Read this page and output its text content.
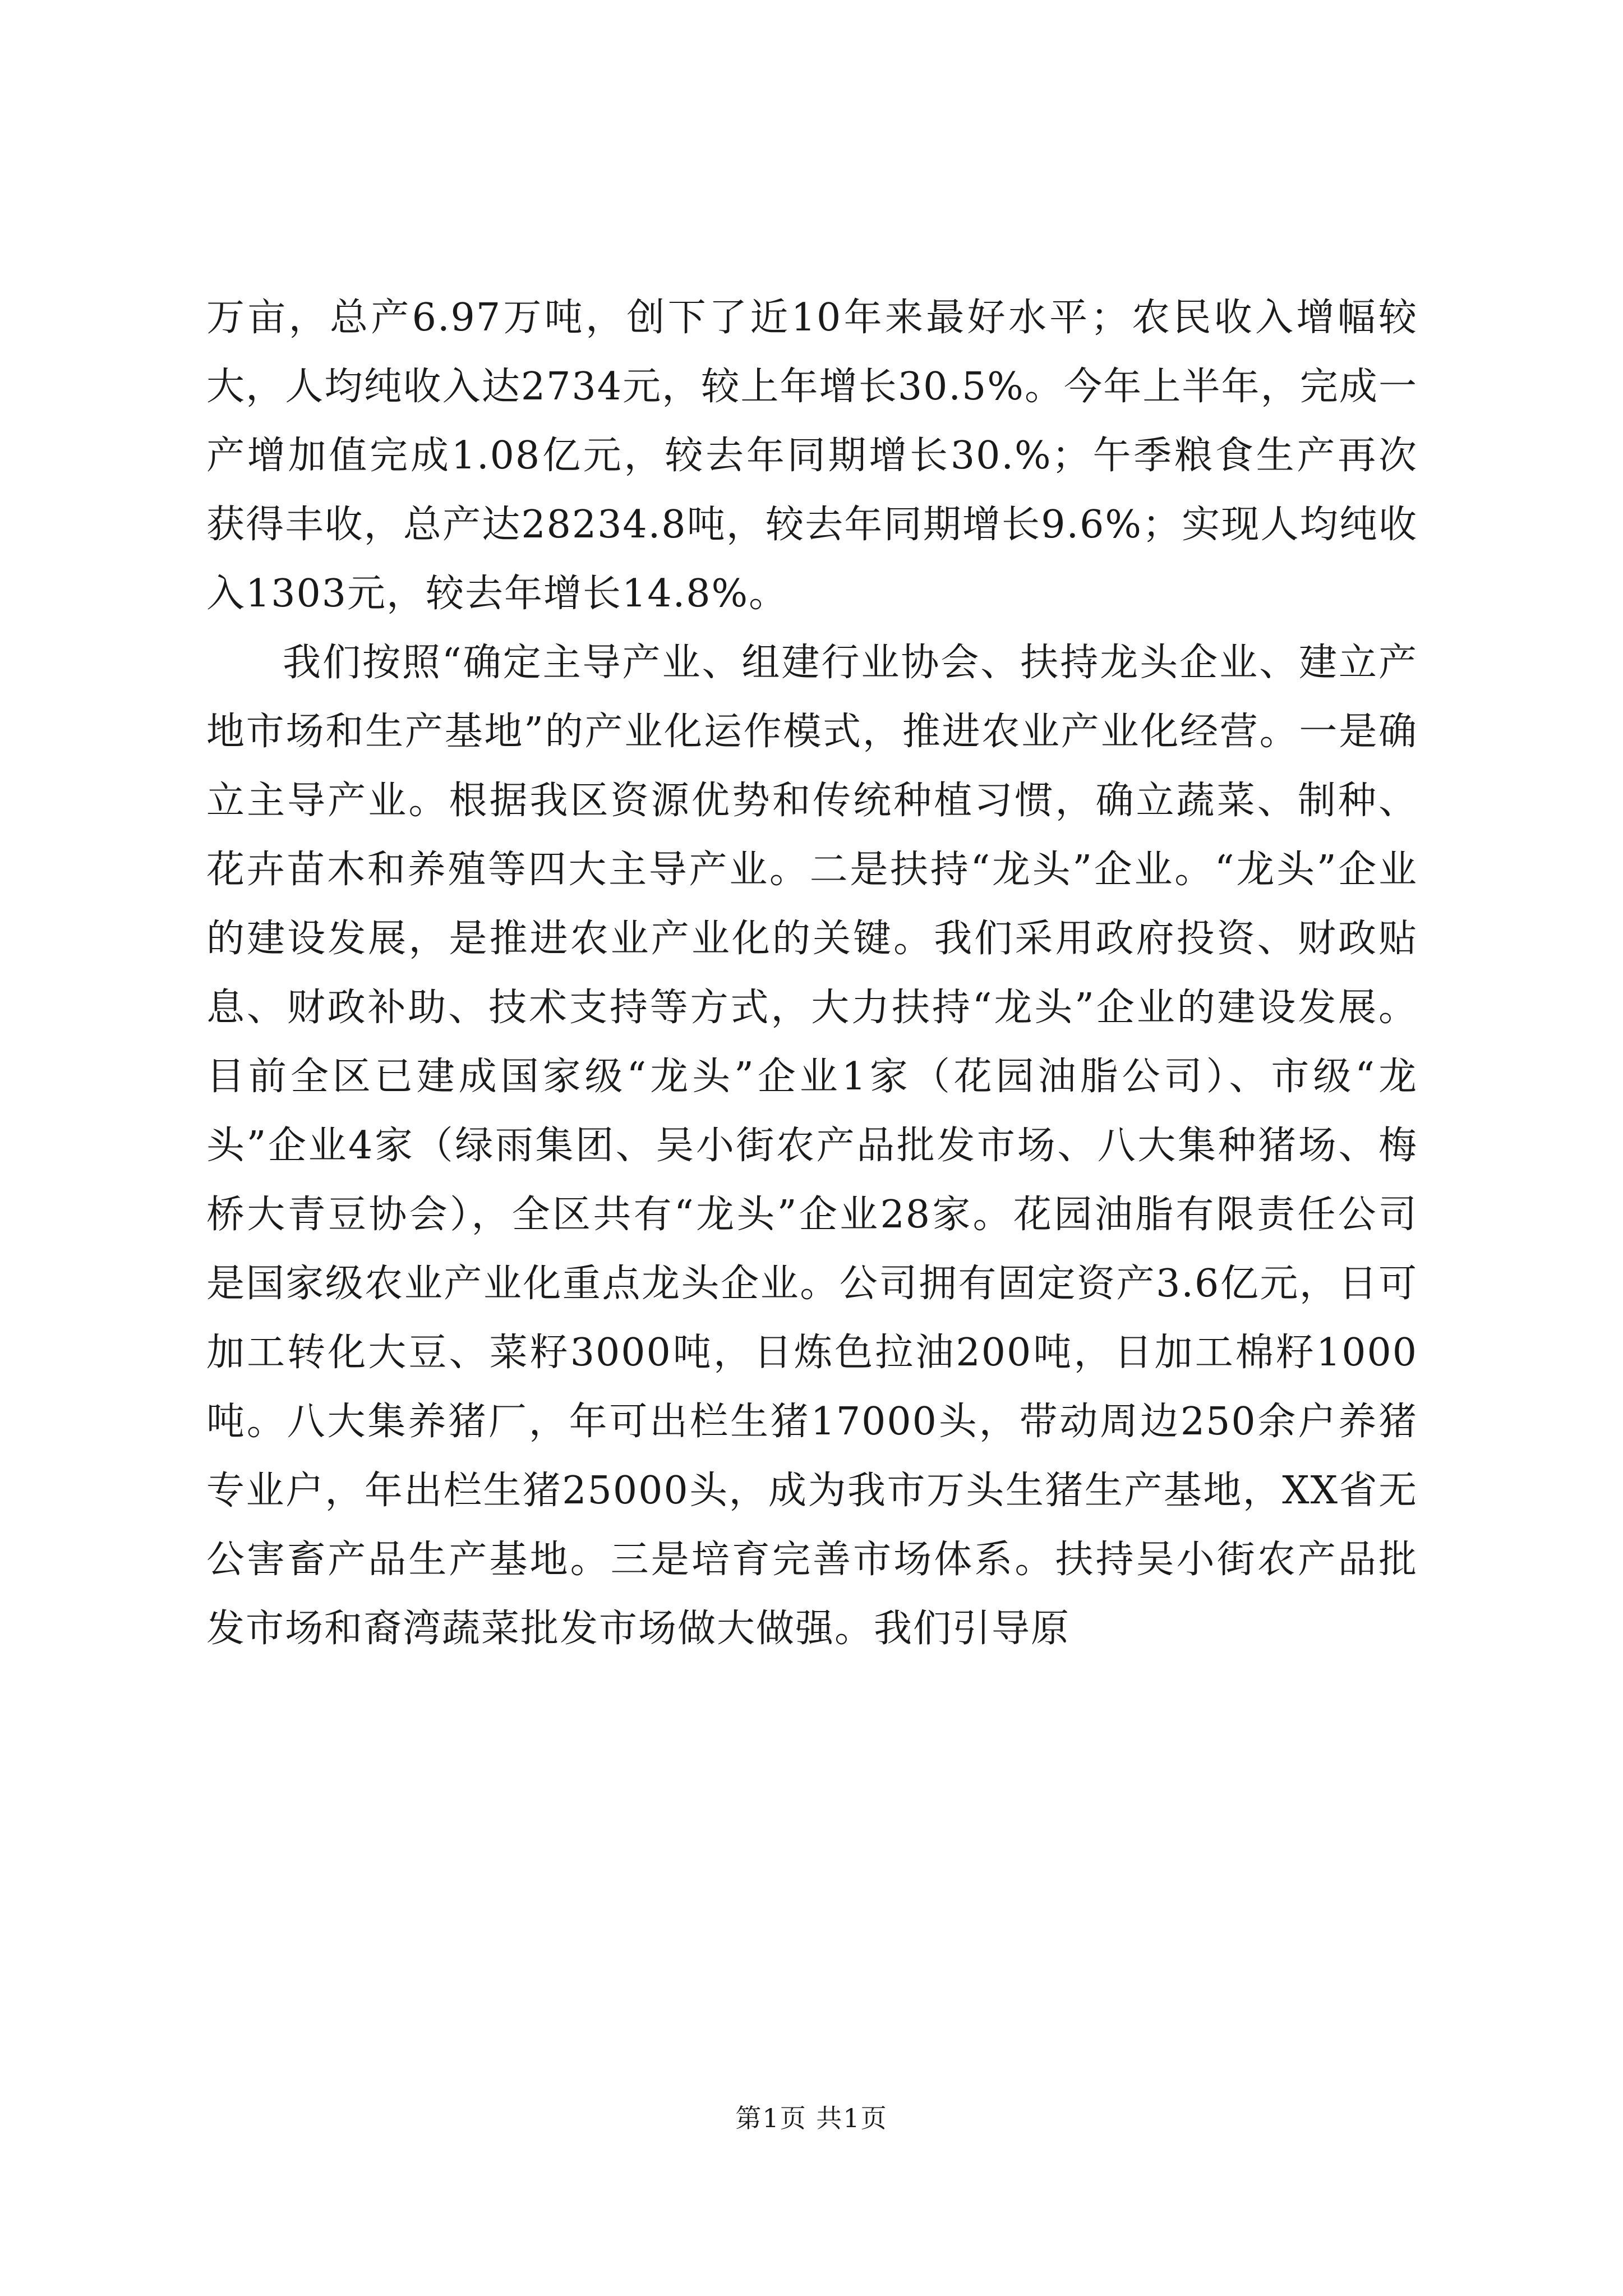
万亩，总产6.97万吨，创下了近10年来最好水平；农民收入增幅较大，人均纯收入达2734元，较上年增长30.5%。今年上半年，完成一产增加值完成1.08亿元，较去年同期增长30.%；午季粮食生产再次获得丰收，总产达28234.8吨，较去年同期增长9.6%；实现人均纯收入1303元，较去年增长14.8%。

我们按照“确定主导产业、组建行业协会、扶持龙头企业、建立产地市场和生产基地”的产业化运作模式，推进农业产业化经营。一是确立主导产业。根据我区资源优势和传统种植习惯，确立蔬菜、制种、花卉苗木和养殖等四大主导产业。二是扶持“龙头”企业。“龙头”企业的建设发展，是推进农业产业化的关键。我们采用政府投资、财政贴息、财政补助、技术支持等方式，大力扶持“龙头”企业的建设发展。目前全区已建成国家级“龙头”企业1家（花园油脂公司）、市级“龙头”企业4家（绿雨集团、吴小街农产品批发市场、八大集种猪场、梅桥大青豆协会），全区共有“龙头”企业28家。花园油脂有限责任公司是国家级农业产业化重点龙头企业。公司拥有固定资产3.6亿元，日可加工转化大豆、菜籽3000吨，日炼色拉油200吨，日加工棉籽1000吨。八大集养猪厂，年可出栏生猪17000头，带动周边250余户养猪专业户，年出栏生猪25000头，成为我市万头生猪生产基地，XX省无公害畜产品生产基地。三是培育完善市场体系。扶持吴小街农产品批发市场和裔湾蔬菜批发市场做大做强。我们引导原

第1页 共1页
